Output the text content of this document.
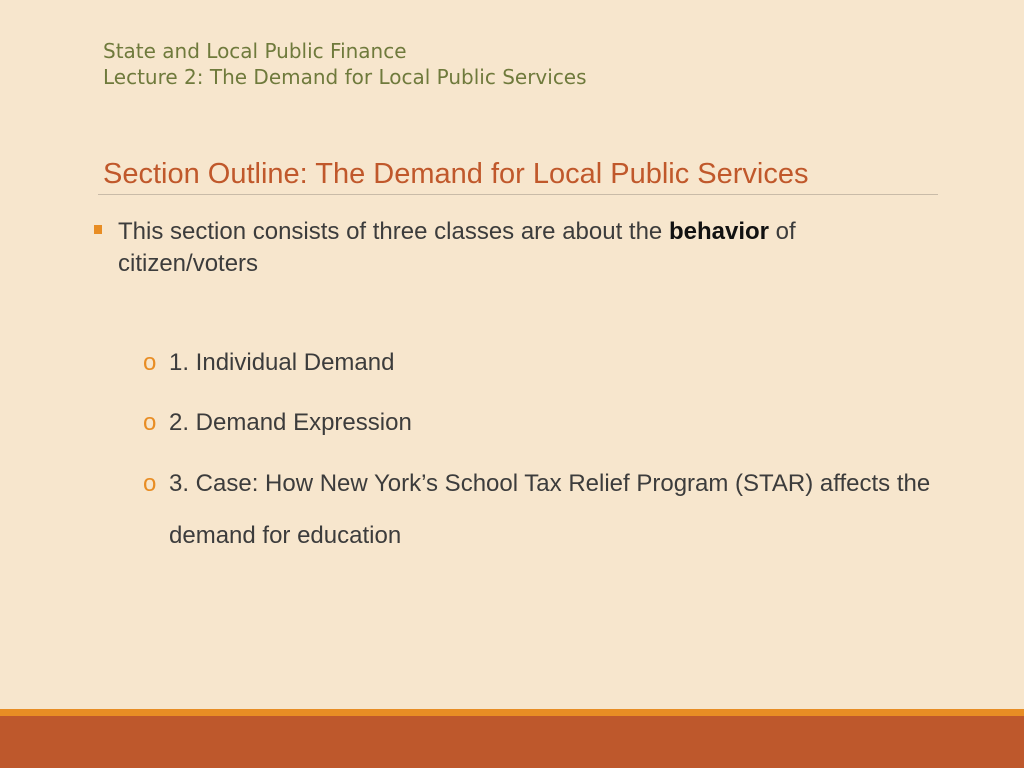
State and Local Public Finance
Lecture 2: The Demand for Local Public Services
Section Outline: The Demand for Local Public Services
This section consists of three classes are about the behavior of
citizen/voters
o 1. Individual Demand
o 2. Demand Expression
o 3. Case: How New York’s School Tax Relief Program (STAR) affects the demand for education
